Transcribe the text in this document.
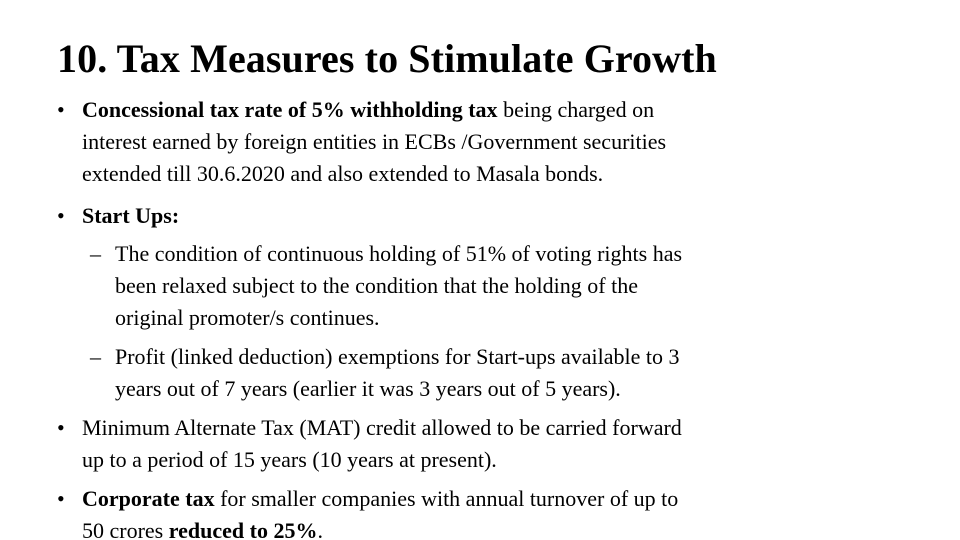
10. Tax Measures to Stimulate Growth
• Concessional tax rate of 5% withholding tax being charged on
interest earned by foreign entities in ECBs /Government securities
extended till 30.6.2020 and also extended to Masala bonds.
• Start Ups:
– The condition of continuous holding of 51% of voting rights has
been relaxed subject to the condition that the holding of the
original promoter/s continues.
– Profit (linked deduction) exemptions for Start-ups available to 3
years out of 7 years (earlier it was 3 years out of 5 years).
• Minimum Alternate Tax (MAT) credit allowed to be carried forward
up to a period of 15 years (10 years at present).
• Corporate tax for smaller companies with annual turnover of up to
50 crores reduced to 25%.
